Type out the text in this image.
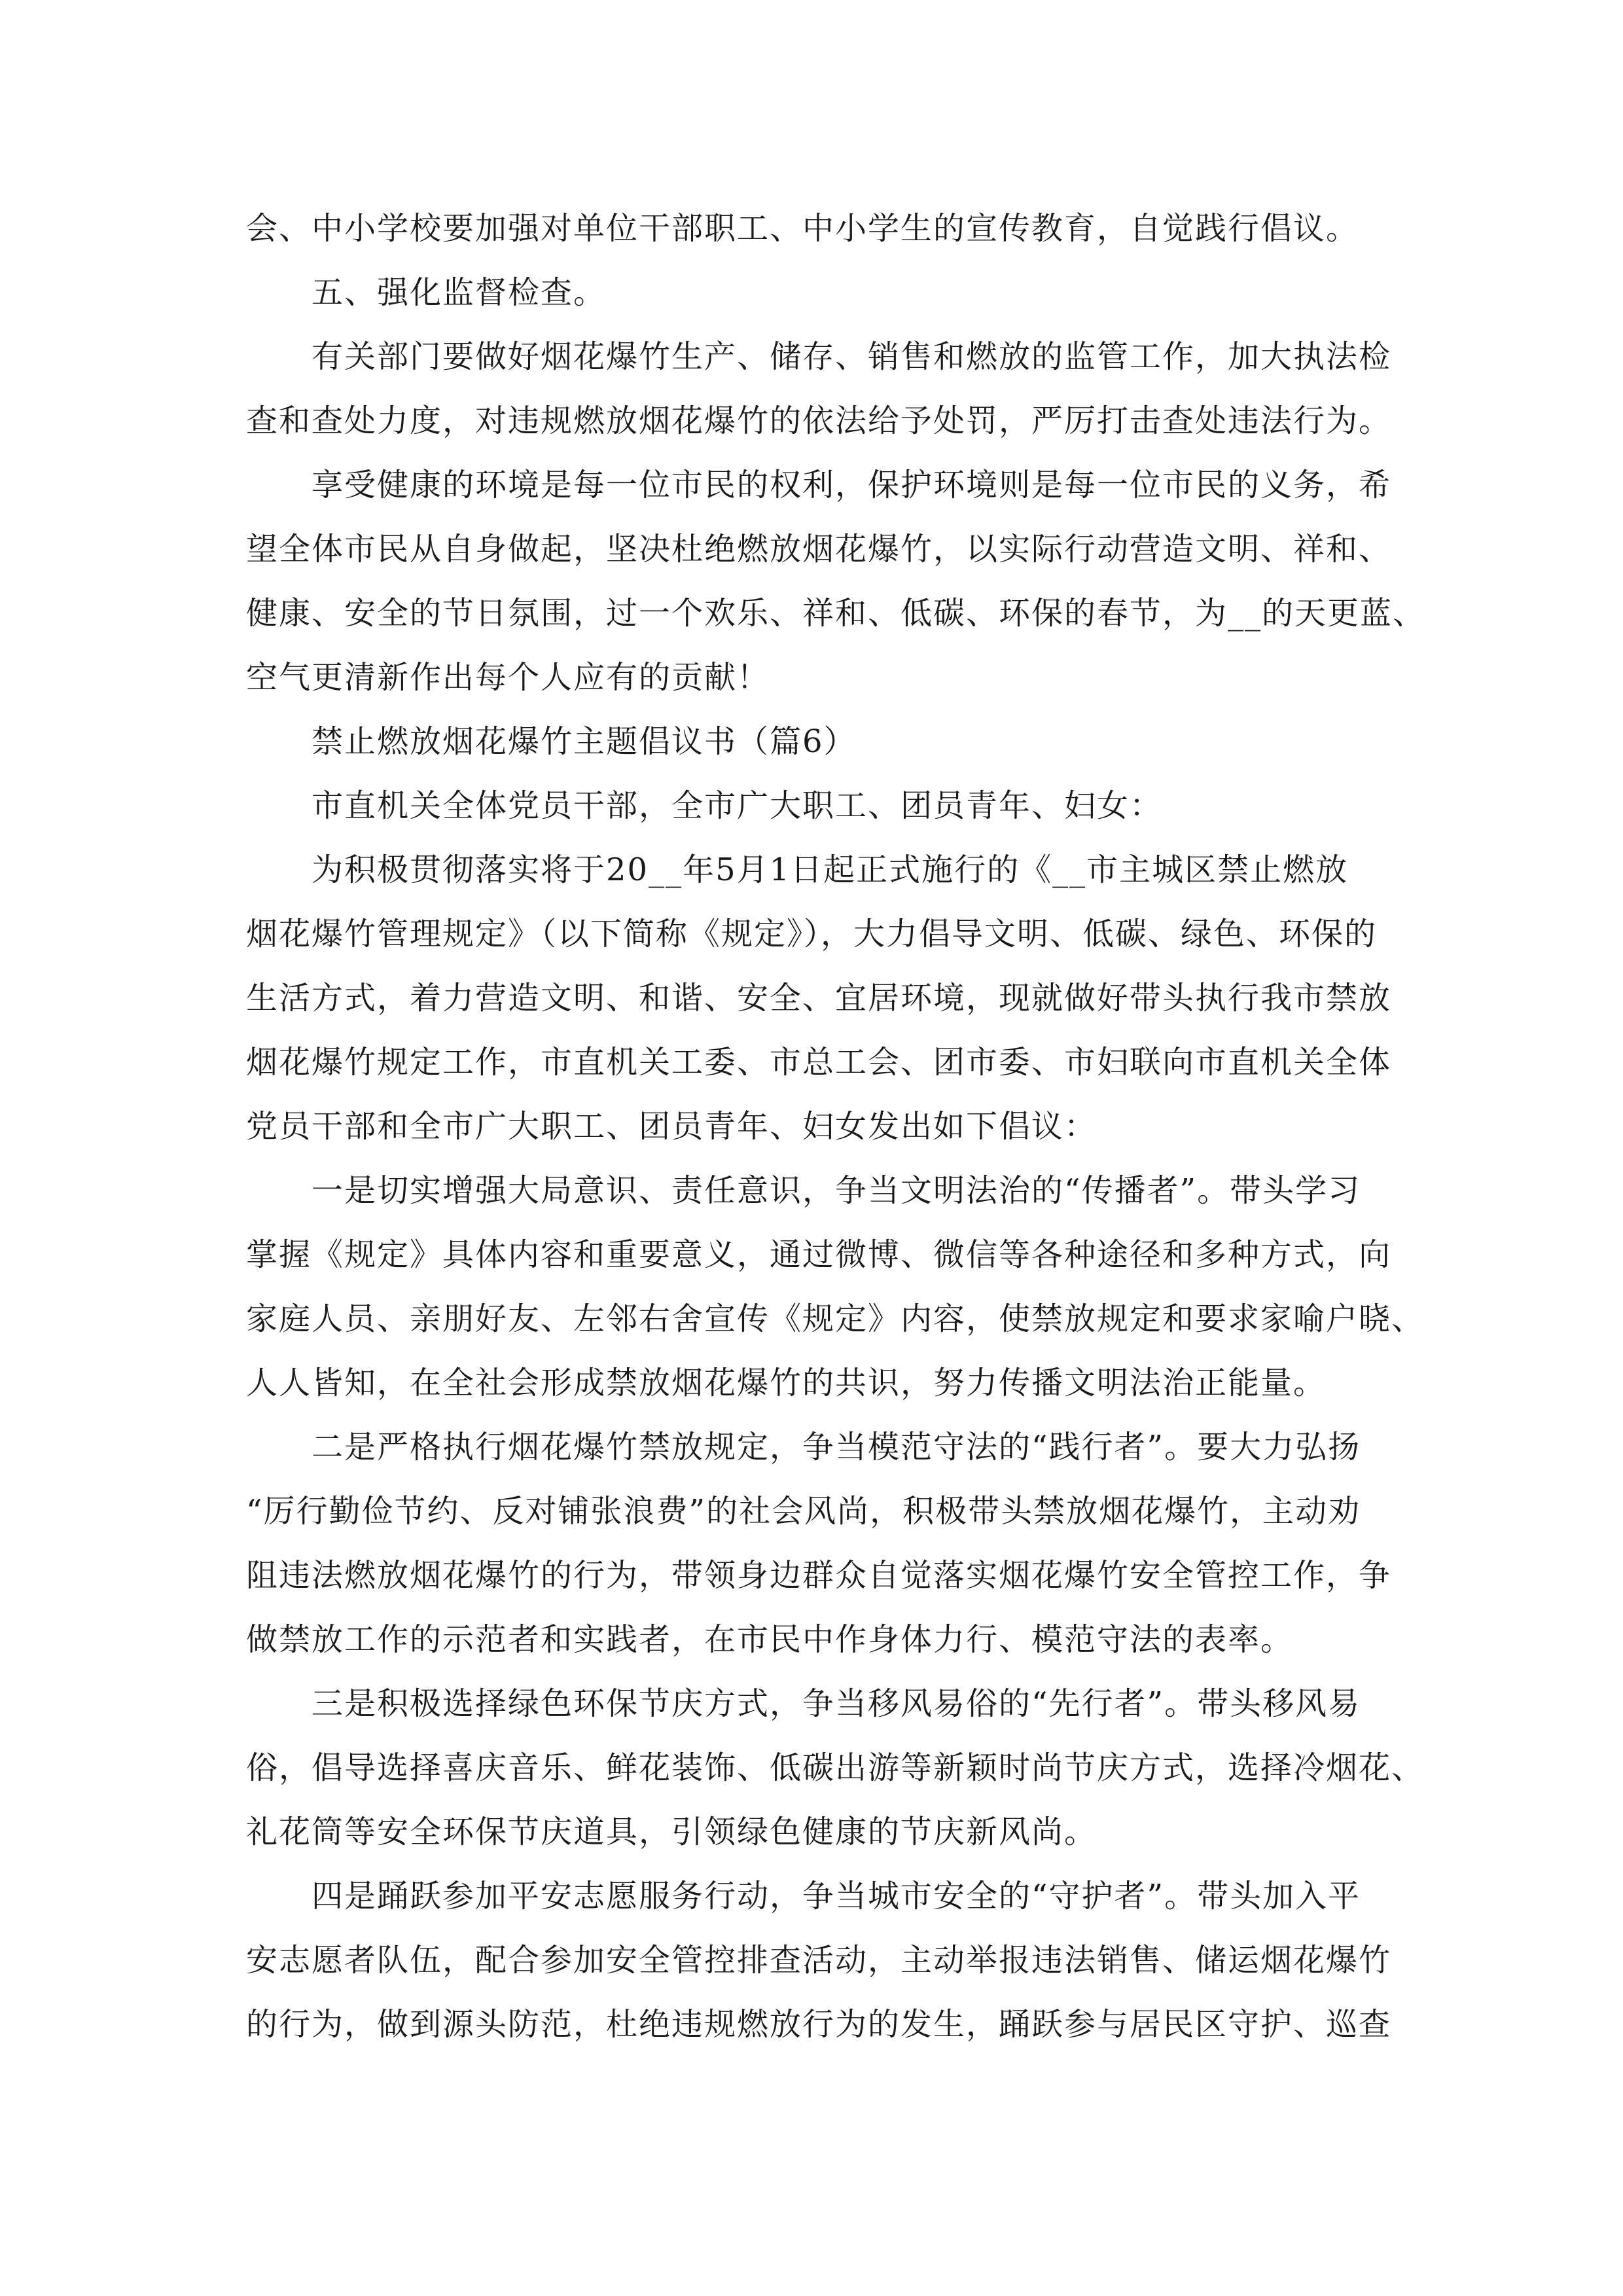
会、中小学校要加强对单位干部职工、中小学生的宣传教育，自觉践行倡议。
五、强化监督检查。
有关部门要做好烟花爆竹生产、储存、销售和燃放的监管工作，加大执法检
查和查处力度，对违规燃放烟花爆竹的依法给予处罚，严厉打击查处违法行为。
享受健康的环境是每一位市民的权利，保护环境则是每一位市民的义务，希
望全体市民从自身做起，坚决杜绝燃放烟花爆竹，以实际行动营造文明、祥和、
健康、安全的节日氛围，过一个欢乐、祥和、低碳、环保的春节，为__的天更蓝、
空气更清新作出每个人应有的贡献！
禁止燃放烟花爆竹主题倡议书（篇6）
市直机关全体党员干部，全市广大职工、团员青年、妇女：
为积极贯彻落实将于20__年5月1日起正式施行的《__市主城区禁止燃放
烟花爆竹管理规定》（以下简称《规定》），大力倡导文明、低碳、绿色、环保的
生活方式，着力营造文明、和谐、安全、宜居环境，现就做好带头执行我市禁放
烟花爆竹规定工作，市直机关工委、市总工会、团市委、市妇联向市直机关全体
党员干部和全市广大职工、团员青年、妇女发出如下倡议：
一是切实增强大局意识、责任意识，争当文明法治的“传播者”。带头学习
掌握《规定》具体内容和重要意义，通过微博、微信等各种途径和多种方式，向
家庭人员、亲朋好友、左邻右舍宣传《规定》内容，使禁放规定和要求家喻户晓、
人人皆知，在全社会形成禁放烟花爆竹的共识，努力传播文明法治正能量。
二是严格执行烟花爆竹禁放规定，争当模范守法的“践行者”。要大力弘扬
“厉行勤俭节约、反对铺张浪费”的社会风尚，积极带头禁放烟花爆竹，主动劝
阻违法燃放烟花爆竹的行为，带领身边群众自觉落实烟花爆竹安全管控工作，争
做禁放工作的示范者和实践者，在市民中作身体力行、模范守法的表率。
三是积极选择绿色环保节庆方式，争当移风易俗的“先行者”。带头移风易
俗，倡导选择喜庆音乐、鲜花装饰、低碳出游等新颖时尚节庆方式，选择冷烟花、
礼花筒等安全环保节庆道具，引领绿色健康的节庆新风尚。
四是踊跃参加平安志愿服务行动，争当城市安全的“守护者”。带头加入平
安志愿者队伍，配合参加安全管控排查活动，主动举报违法销售、储运烟花爆竹
的行为，做到源头防范，杜绝违规燃放行为的发生，踊跃参与居民区守护、巡查
